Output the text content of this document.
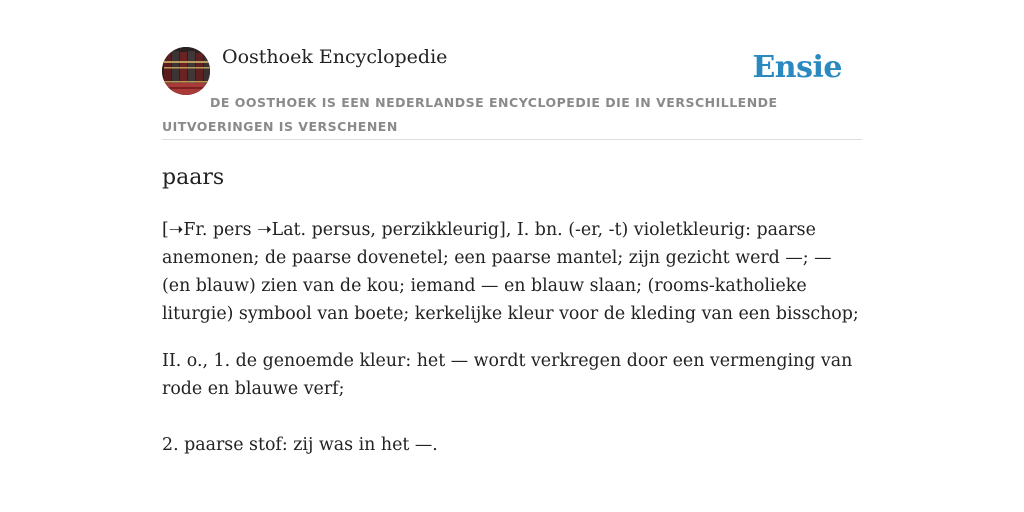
Oosthoek Encyclopedie	Ensie
DE OOSTHOEK IS EEN NEDERLANDSE ENCYCLOPEDIE DIE IN VERSCHILLENDE UITVOERINGEN IS VERSCHENEN
paars

[➝Fr. pers ➝Lat. persus, perzikkleurig], I. bn. (-er, -t) violetkleurig: paarse anemonen; de paarse dovenetel; een paarse mantel; zijn gezicht werd —; — (en blauw) zien van de kou; iemand — en blauw slaan; (rooms-katholieke liturgie) symbool van boete; kerkelijke kleur voor de kleding van een bisschop;

II. o., 1. de genoemde kleur: het — wordt verkregen door een vermenging van rode en blauwe verf;

2. paarse stof: zij was in het —.
